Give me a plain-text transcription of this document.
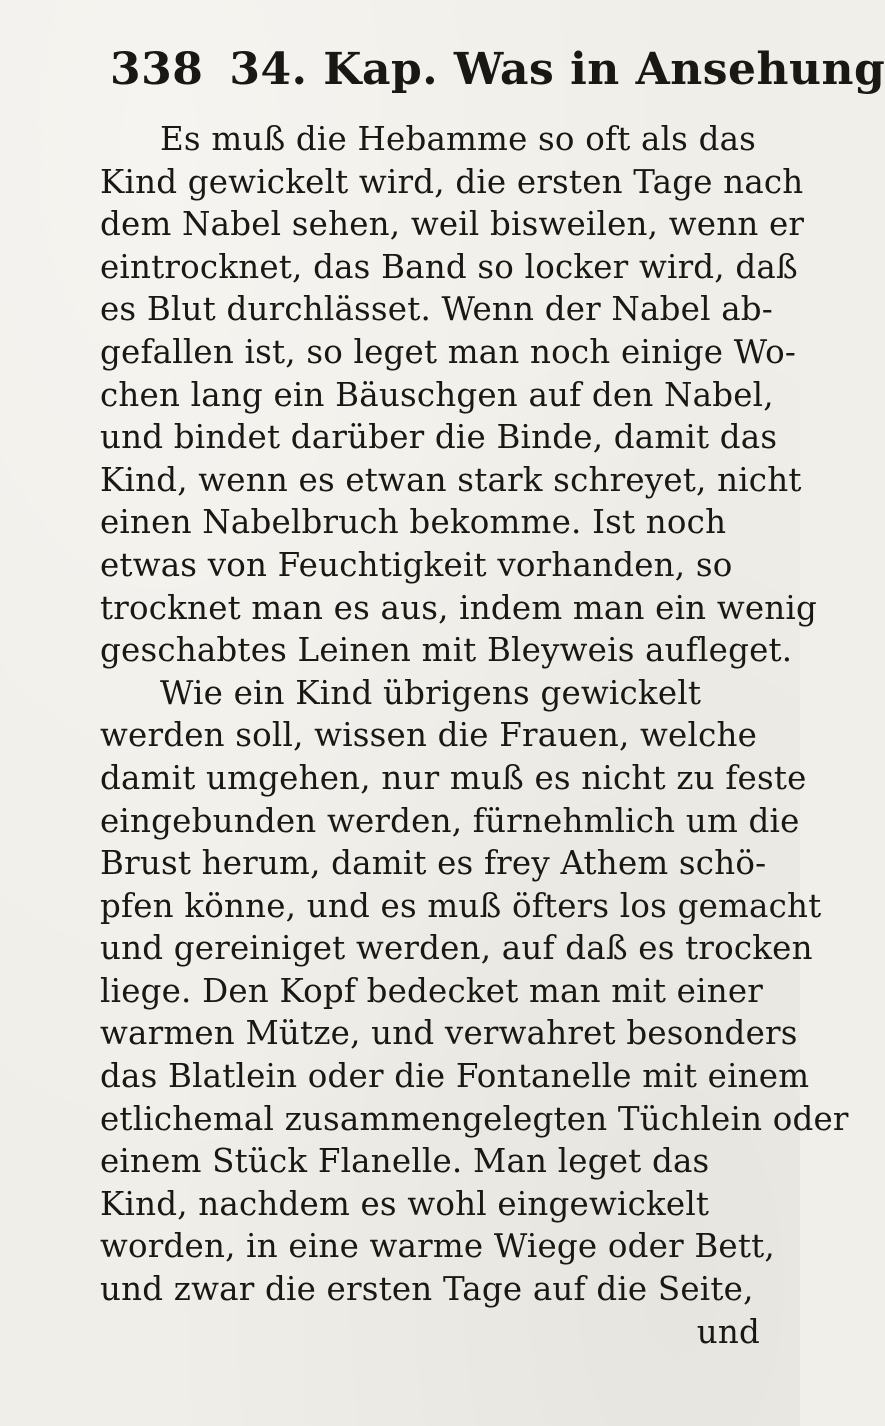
338 34. Kap. Was in Ansehung
Es muß die Hebamme so oft als das
Kind gewickelt wird, die ersten Tage nach
dem Nabel sehen, weil bisweilen, wenn er
eintrocknet, das Band so locker wird, daß
es Blut durchlässet. Wenn der Nabel ab-
gefallen ist, so leget man noch einige Wo-
chen lang ein Bäuschgen auf den Nabel,
und bindet darüber die Binde, damit das
Kind, wenn es etwan stark schreyet, nicht
einen Nabelbruch bekomme. Ist noch
etwas von Feuchtigkeit vorhanden, so
trocknet man es aus, indem man ein wenig
geschabtes Leinen mit Bleyweis aufleget.
Wie ein Kind übrigens gewickelt
werden soll, wissen die Frauen, welche
damit umgehen, nur muß es nicht zu feste
eingebunden werden, fürnehmlich um die
Brust herum, damit es frey Athem schö-
pfen könne, und es muß öfters los gemacht
und gereiniget werden, auf daß es trocken
liege. Den Kopf bedecket man mit einer
warmen Mütze, und verwahret besonders
das Blatlein oder die Fontanelle mit einem
etlichemal zusammengelegten Tüchlein oder
einem Stück Flanelle. Man leget das
Kind, nachdem es wohl eingewickelt
worden, in eine warme Wiege oder Bett,
und zwar die ersten Tage auf die Seite,
und
